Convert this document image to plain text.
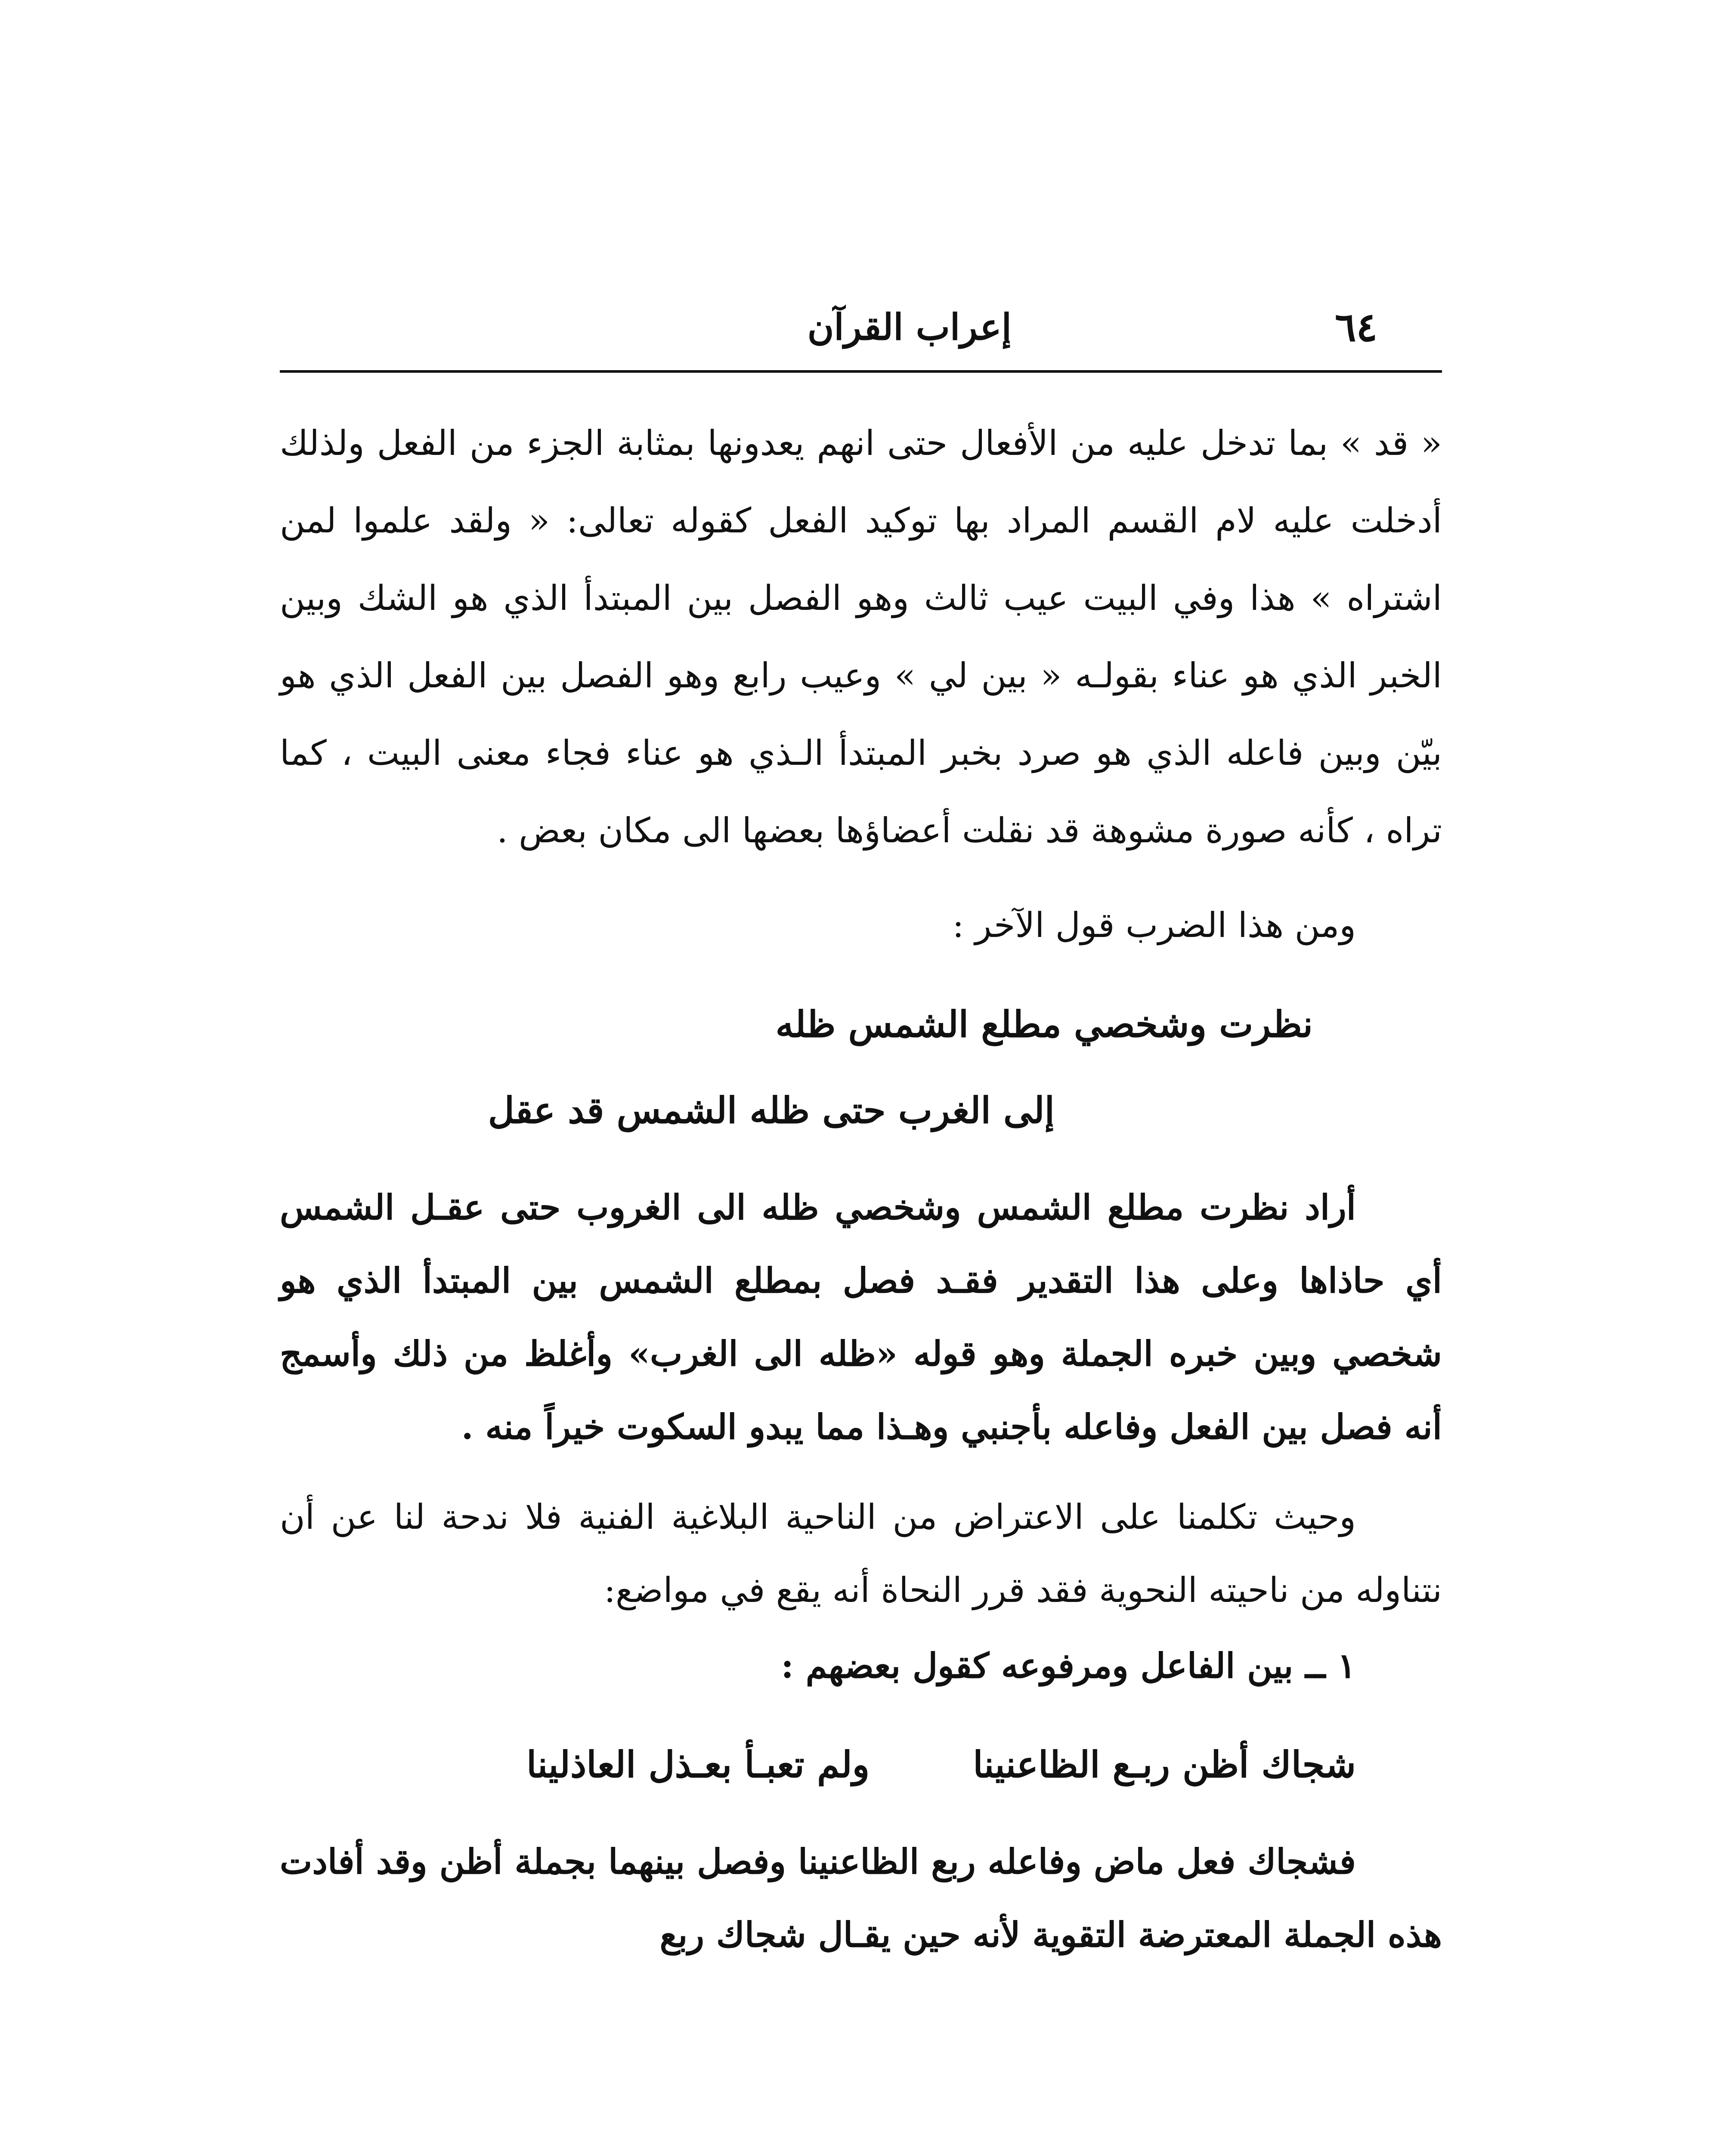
٦٤
إعراب القرآن

« قد » بما تدخل عليه من الأفعال حتى انهم يعدونها بمثابة الجزء من الفعل ولذلك أدخلت عليه لام القسم المراد بها توكيد الفعل كقوله تعالى: « ولقد علموا لمن اشتراه » هذا وفي البيت عيب ثالث وهو الفصل بين المبتدأ الذي هو الشك وبين الخبر الذي هو عناء بقولـه « بين لي » وعيب رابع وهو الفصل بين الفعل الذي هو بيّن وبين فاعله الذي هو صرد بخبر المبتدأ الـذي هو عناء فجاء معنى البيت ، كما تراه ، كأنه صورة مشوهة قد نقلت أعضاؤها بعضها الى مكان بعض .

ومن هذا الضرب قول الآخر :

نظرت وشخصي مطلع الشمس ظله

إلى الغرب حتى ظله الشمس قد عقل

أراد نظرت مطلع الشمس وشخصي ظله الى الغروب حتى عقـل الشمس أي حاذاها وعلى هذا التقدير فقـد فصل بمطلع الشمس بين المبتدأ الذي هو شخصي وبين خبره الجملة وهو قوله «ظله الى الغرب» وأغلظ من ذلك وأسمج أنه فصل بين الفعل وفاعله بأجنبي وهـذا مما يبدو السكوت خيراً منه .

وحيث تكلمنا على الاعتراض من الناحية البلاغية الفنية فلا ندحة لنا عن أن نتناوله من ناحيته النحوية فقد قرر النحاة أنه يقع في مواضع:

١ ــ بين الفاعل ومرفوعه كقول بعضهم :

شجاك أظن ربـع الظاعنينا
ولم تعبـأ بعـذل العاذلينا

فشجاك فعل ماض وفاعله ربع الظاعنينا وفصل بينهما بجملة أظن وقد أفادت هذه الجملة المعترضة التقوية لأنه حين يقـال شجاك ربع
